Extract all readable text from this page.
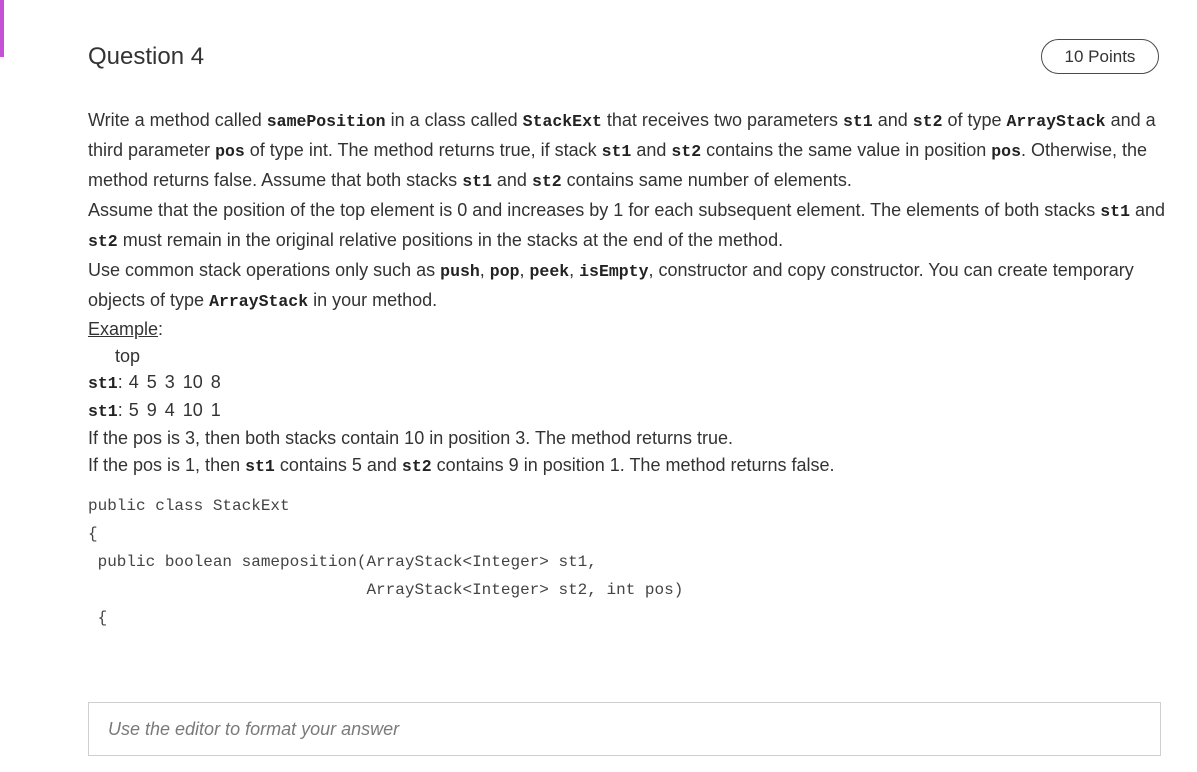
Question 4	10 Points

Write a method called samePosition in a class called StackExt that receives two parameters st1 and st2 of type ArrayStack and a third parameter pos of type int. The method returns true, if stack st1 and st2 contains the same value in position pos. Otherwise, the method returns false. Assume that both stacks st1 and st2 contains same number of elements.

Assume that the position of the top element is 0 and increases by 1 for each subsequent element. The elements of both stacks st1 and st2 must remain in the original relative positions in the stacks at the end of the method.

Use common stack operations only such as push, pop, peek, isEmpty, constructor and copy constructor. You can create temporary objects of type ArrayStack in your method.

Example:

top

st1: 4 5 3 10 8

st1: 5 9 4 10 1

If the pos is 3, then both stacks contain 10 in position 3. The method returns true.

If the pos is 1, then st1 contains 5 and st2 contains 9 in position 1. The method returns false.

public class StackExt
{
public boolean sameposition(ArrayStack<Integer> st1,
ArrayStack<Integer> st2, int pos)
{
Use the editor to format your answer
